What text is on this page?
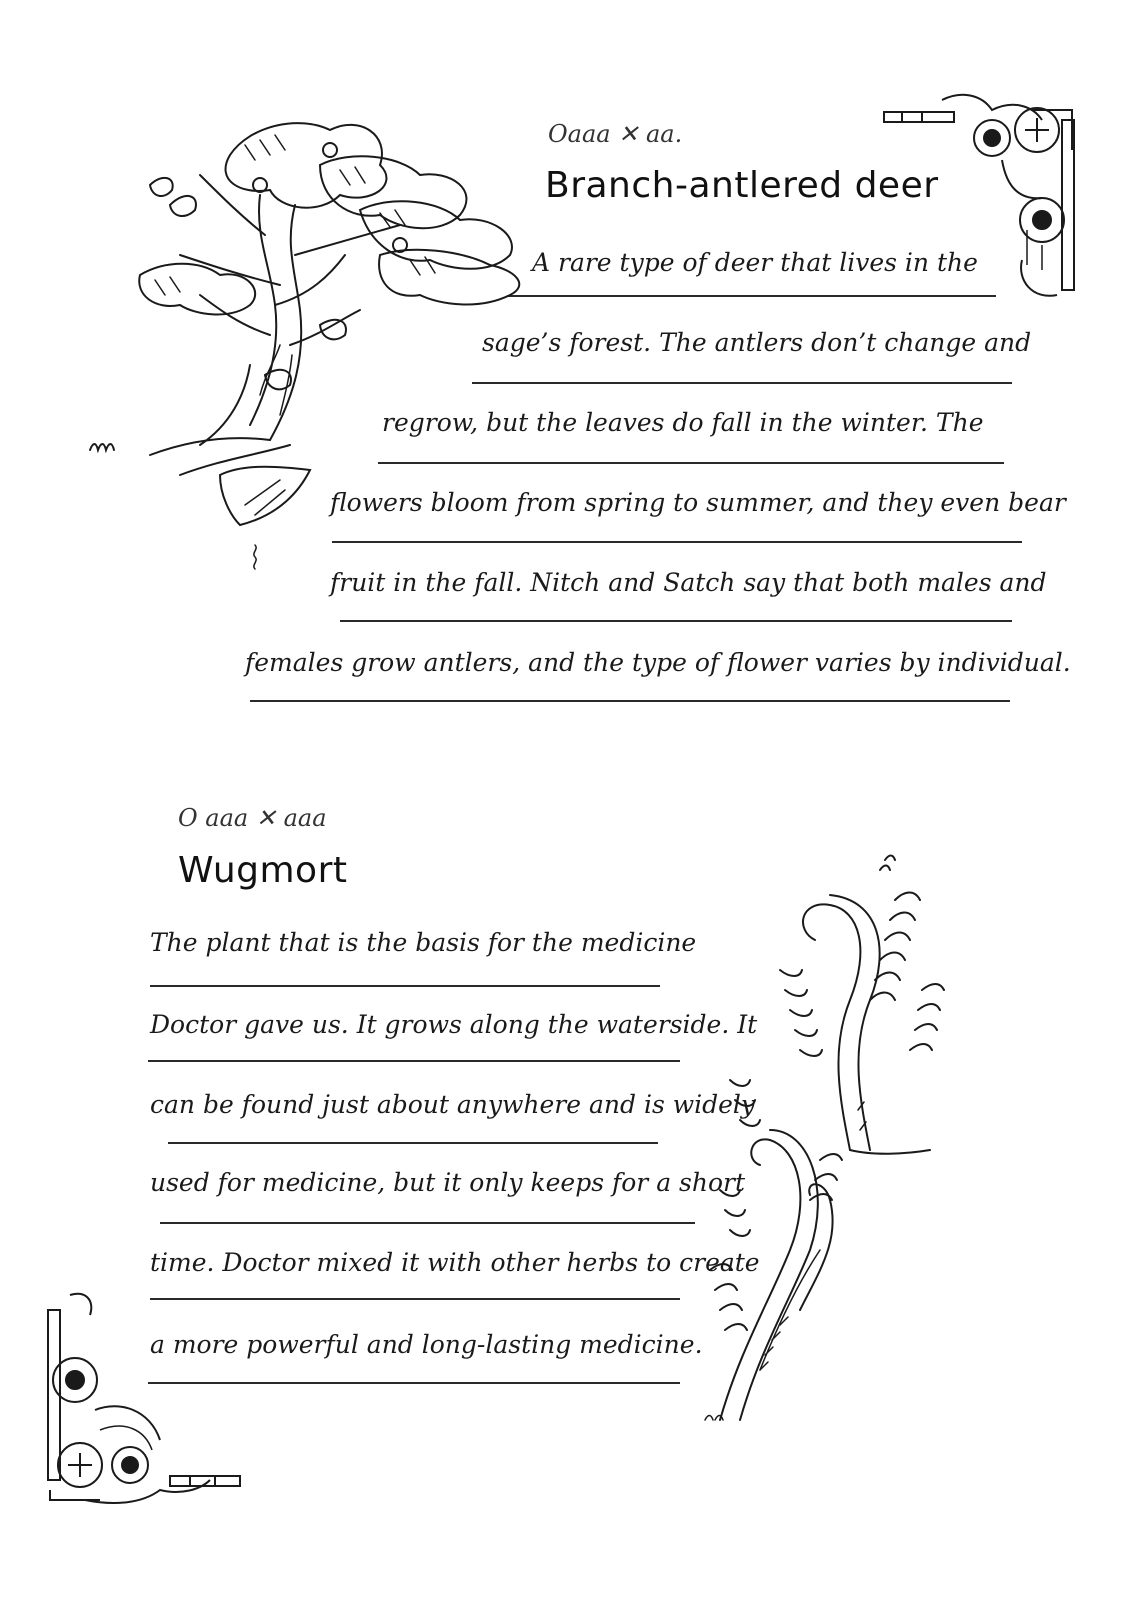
Oaaa ✕ aa.
Branch-antlered deer
A rare type of deer that lives in the
sage’s forest. The antlers don’t change and
regrow, but the leaves do fall in the winter. The
flowers bloom from spring to summer, and they even bear
fruit in the fall. Nitch and Satch say that both males and
females grow antlers, and the type of flower varies by individual.
O aaa ✕ aaa
Wugmort
The plant that is the basis for the medicine
Doctor gave us. It grows along the waterside. It
can be found just about anywhere and is widely
used for medicine, but it only keeps for a short
time. Doctor mixed it with other herbs to create
a more powerful and long-lasting medicine.
